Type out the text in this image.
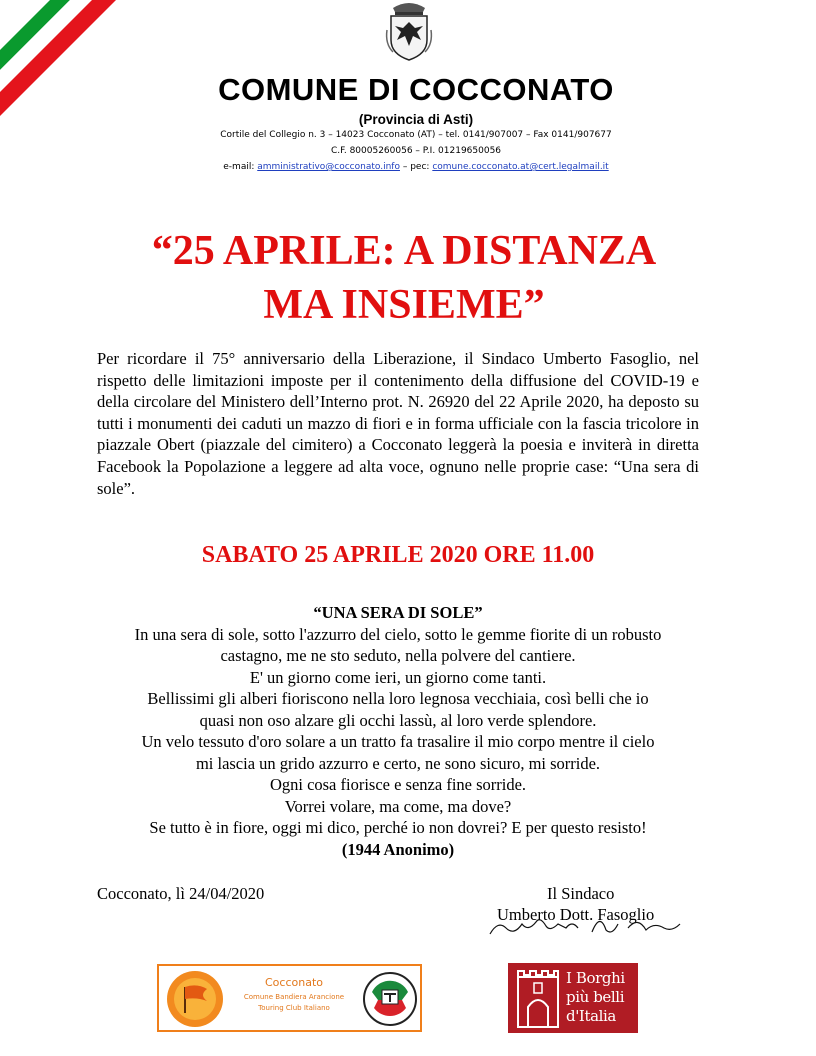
COMUNE DI COCCONATO
(Provincia di Asti)
Cortile del Collegio n. 3 – 14023 Cocconato (AT) – tel. 0141/907007 – Fax 0141/907677
C.F. 80005260056 – P.I. 01219650056
e-mail: amministrativo@cocconato.info – pec: comune.cocconato.at@cert.legalmail.it
“25 APRILE: A DISTANZA
MA INSIEME”
Per ricordare il 75° anniversario della Liberazione, il Sindaco Umberto Fasoglio, nel rispetto delle limitazioni imposte per il contenimento della diffusione del COVID-19 e della circolare del Ministero dell’Interno prot. N. 26920 del 22 Aprile 2020, ha deposto su tutti i monumenti dei caduti un mazzo di fiori e in forma ufficiale con la fascia tricolore in piazzale Obert (piazzale del cimitero) a Cocconato leggerà la poesia e inviterà in diretta Facebook la Popolazione a leggere ad alta voce, ognuno nelle proprie case: “Una sera di sole”.
SABATO 25 APRILE 2020 ORE 11.00
“UNA SERA DI SOLE”
In una sera di sole, sotto l'azzurro del cielo, sotto le gemme fiorite di un robusto
castagno, me ne sto seduto, nella polvere del cantiere.
E' un giorno come ieri, un giorno come tanti.
Bellissimi gli alberi fioriscono nella loro legnosa vecchiaia, così belli che io
quasi non oso alzare gli occhi lassù, al loro verde splendore.
Un velo tessuto d'oro solare a un tratto fa trasalire il mio corpo mentre il cielo
mi lascia un grido azzurro e certo, ne sono sicuro, mi sorride.
Ogni cosa fiorisce e senza fine sorride.
Vorrei volare, ma come, ma dove?
Se tutto è in fiore, oggi mi dico, perché io non dovrei? E per questo resisto!
(1944 Anonimo)
Cocconato, lì 24/04/2020	Il Sindaco
Umberto Dott. Fasoglio
Cocconato
Comune Bandiera Arancione
Touring Club Italiano
I Borghi
più belli
d'Italia
